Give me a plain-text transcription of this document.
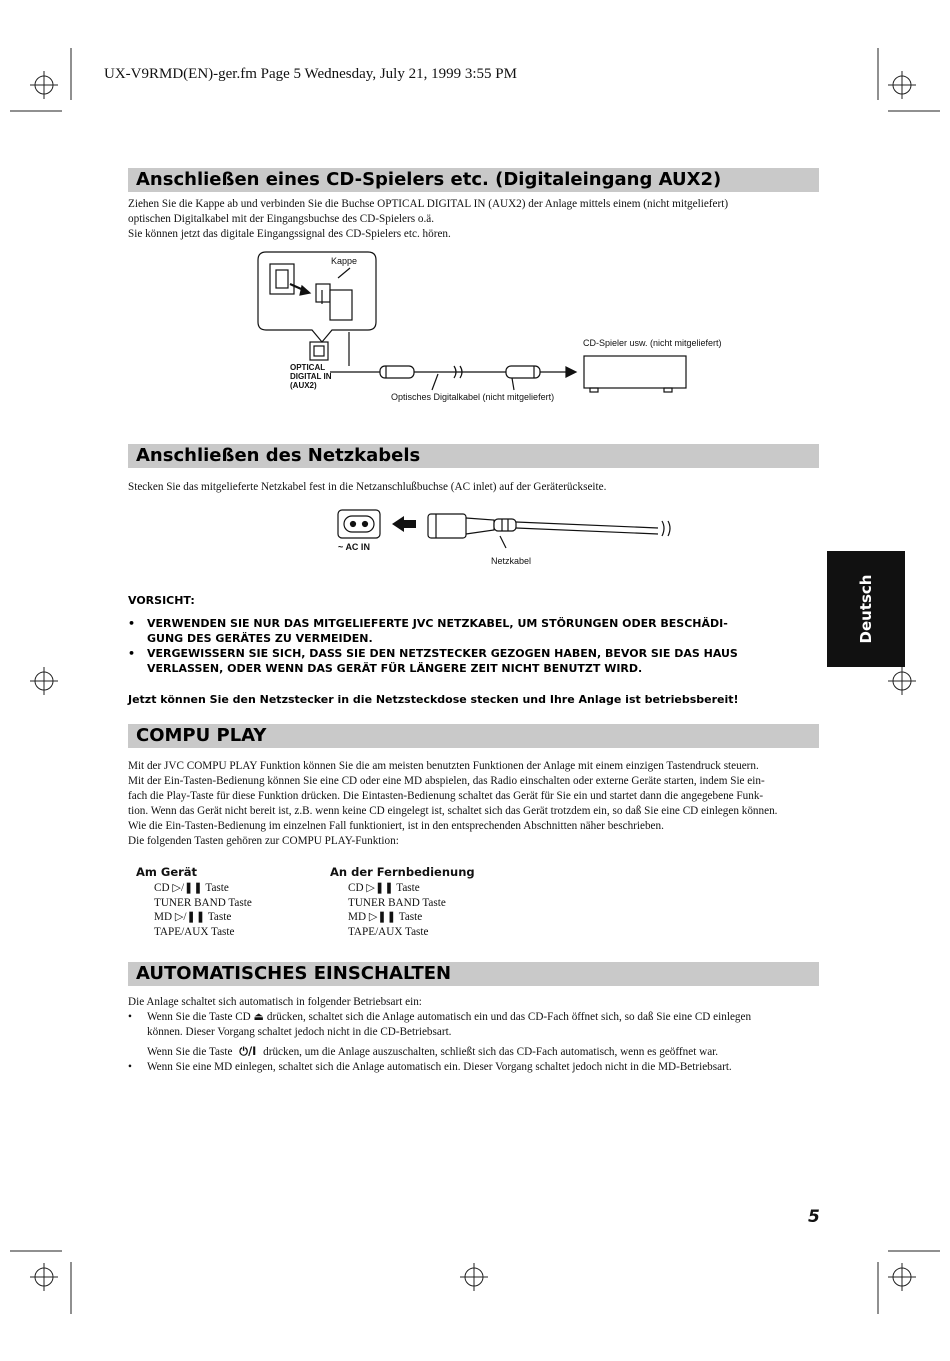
UX-V9RMD(EN)-ger.fm Page 5 Wednesday, July 21, 1999 3:55 PM
Deutsch
Anschließen eines CD-Spielers etc. (Digitaleingang AUX2)

Ziehen Sie die Kappe ab und verbinden Sie die Buchse OPTICAL DIGITAL IN (AUX2) der Anlage mittels einem (nicht mitgeliefert)

optischen Digitalkabel mit der Eingangsbuchse des CD-Spielers o.ä.

Sie können jetzt das digitale Eingangssignal des CD-Spielers etc. hören.

Kappe
OPTICAL
DIGITAL IN
(AUX2)
CD-Spieler usw. (nicht mitgeliefert)
Optisches Digitalkabel (nicht mitgeliefert)
Anschließen des Netzkabels
Stecken Sie das mitgelieferte Netzkabel fest in die Netzanschlußbuchse (AC inlet) auf der Geräterückseite.
~ AC IN
Netzkabel
VORSICHT:
• VERWENDEN SIE NUR DAS MITGELIEFERTE JVC NETZKABEL, UM STÖRUNGEN ODER BESCHÄDI-
GUNG DES GERÄTES ZU VERMEIDEN.
• VERGEWISSERN SIE SICH, DASS SIE DEN NETZSTECKER GEZOGEN HABEN, BEVOR SIE DAS HAUS
VERLASSEN, ODER WENN DAS GERÄT FÜR LÄNGERE ZEIT NICHT BENUTZT WIRD.
Jetzt können Sie den Netzstecker in die Netzsteckdose stecken und Ihre Anlage ist betriebsbereit!
COMPU PLAY

Mit der JVC COMPU PLAY Funktion können Sie die am meisten benutzten Funktionen der Anlage mit einem einzigen Tastendruck steuern.

Mit der Ein-Tasten-Bedienung können Sie eine CD oder eine MD abspielen, das Radio einschalten oder externe Geräte starten, indem Sie ein-

fach die Play-Taste für diese Funktion drücken. Die Eintasten-Bedienung schaltet das Gerät für Sie ein und startet dann die angegebene Funk-

tion. Wenn das Gerät nicht bereit ist, z.B. wenn keine CD eingelegt ist, schaltet sich das Gerät trotzdem ein, so daß Sie eine CD einlegen können.

Wie die Ein-Tasten-Bedienung im einzelnen Fall funktioniert, ist in den entsprechenden Abschnitten näher beschrieben.

Die folgenden Tasten gehören zur COMPU PLAY-Funktion:

Am Gerät
CD ▷/❚❚ Taste
TUNER BAND Taste
MD ▷/❚❚ Taste
TAPE/AUX Taste
An der Fernbedienung
CD ▷❚❚ Taste
TUNER BAND Taste
MD ▷❚❚ Taste
TAPE/AUX Taste
AUTOMATISCHES EINSCHALTEN
Die Anlage schaltet sich automatisch in folgender Betriebsart ein:
• Wenn Sie die Taste CD ⏏ drücken, schaltet sich die Anlage automatisch ein und das CD-Fach öffnet sich, so daß Sie eine CD einlegen
können. Dieser Vorgang schaltet jedoch nicht in die CD-Betriebsart.
Wenn Sie die Taste ⏻/I drücken, um die Anlage auszuschalten, schließt sich das CD-Fach automatisch, wenn es geöffnet war.
• Wenn Sie eine MD einlegen, schaltet sich die Anlage automatisch ein. Dieser Vorgang schaltet jedoch nicht in die MD-Betriebsart.
5
